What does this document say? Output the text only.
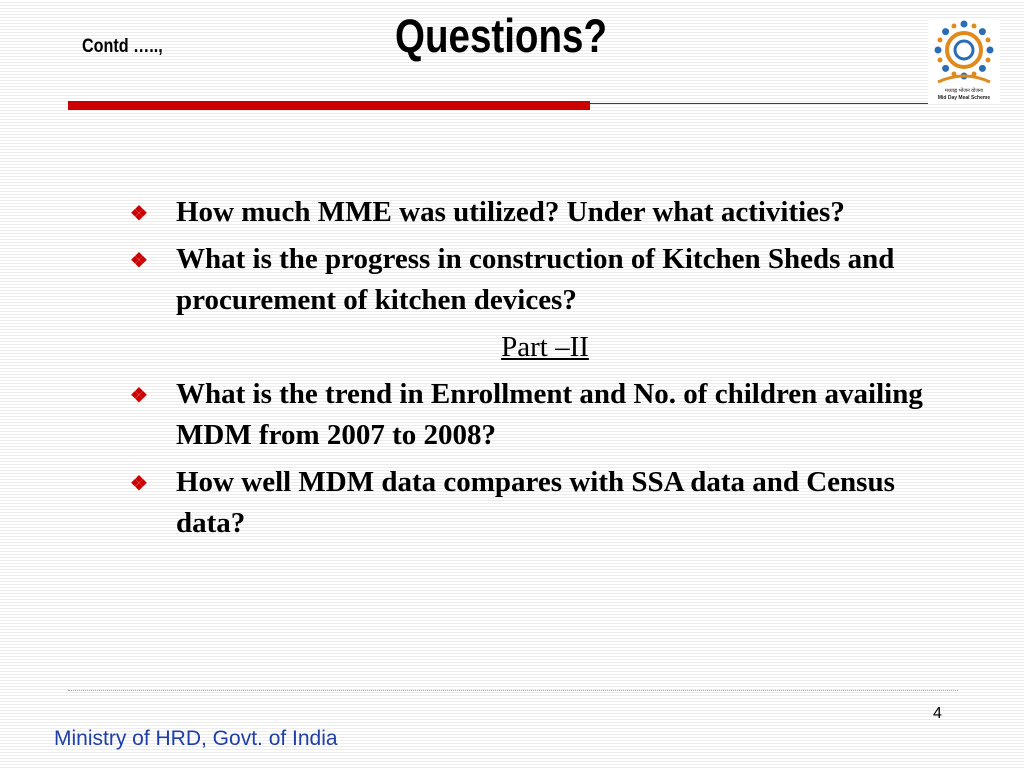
Contd …..,	Questions?
मध्याह्न भोजन योजना
Mid Day Meal Scheme
❖ How much MME was utilized? Under what activities?
❖ What is the progress in construction of Kitchen Sheds and procurement of kitchen devices?
Part –II
❖ What is the trend in Enrollment and No. of children availing MDM from 2007 to 2008?
❖ How well MDM data compares with SSA data and Census data?
4
Ministry of HRD, Govt. of India
